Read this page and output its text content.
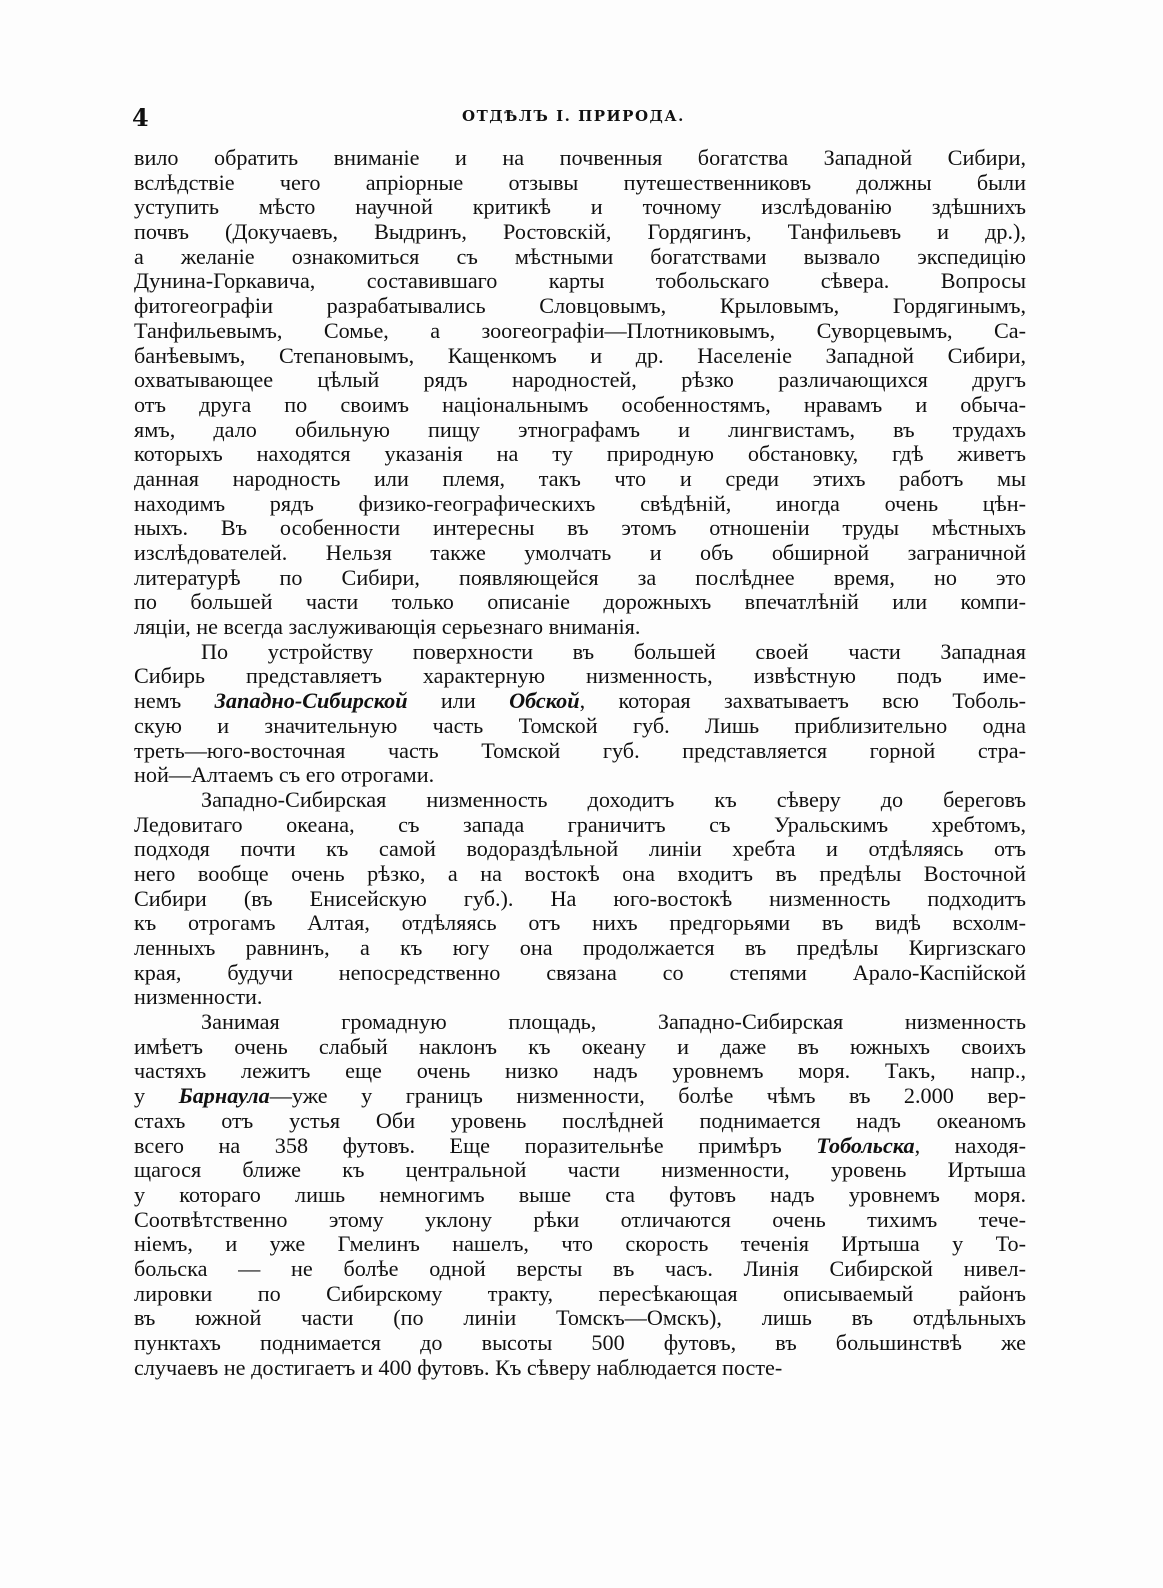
4	ОТДѢЛЪ I. ПРИРОДА.
вило обратить вниманіе и на почвенныя богатства Западной Сибири,
вслѣдствіе чего апріорные отзывы путешественниковъ должны были
уступить мѣсто научной критикѣ и точному изслѣдованію здѣшнихъ
почвъ (Докучаевъ, Выдринъ, Ростовскій, Гордягинъ, Танфильевъ и др.),
а желаніе ознакомиться съ мѣстными богатствами вызвало экспедицію
Дунина-Горкавича, составившаго карты тобольскаго сѣвера. Вопросы
фитогеографіи разрабатывались Словцовымъ, Крыловымъ, Гордягинымъ,
Танфильевымъ, Сомье, а зоогеографіи—Плотниковымъ, Суворцевымъ, Са-
банѣевымъ, Степановымъ, Кащенкомъ и др. Населеніе Западной Сибири,
охватывающее цѣлый рядъ народностей, рѣзко различающихся другъ
отъ друга по своимъ національнымъ особенностямъ, нравамъ и обыча-
ямъ, дало обильную пищу этнографамъ и лингвистамъ, въ трудахъ
которыхъ находятся указанія на ту природную обстановку, гдѣ живетъ
данная народность или племя, такъ что и среди этихъ работъ мы
находимъ рядъ физико-географическихъ свѣдѣній, иногда очень цѣн-
ныхъ. Въ особенности интересны въ этомъ отношеніи труды мѣстныхъ
изслѣдователей. Нельзя также умолчать и объ обширной заграничной
литературѣ по Сибири, появляющейся за послѣднее время, но это
по большей части только описаніе дорожныхъ впечатлѣній или компи-
ляціи, не всегда заслуживающія серьезнаго вниманія.
По устройству поверхности въ большей своей части Западная
Сибирь представляетъ характерную низменность, извѣстную подъ име-
немъ Западно-Сибирской или Обской, которая захватываетъ всю Тоболь-
скую и значительную часть Томской губ. Лишь приблизительно одна
треть—юго-восточная часть Томской губ. представляется горной стра-
ной—Алтаемъ съ его отрогами.
Западно-Сибирская низменность доходитъ къ сѣверу до береговъ
Ледовитаго океана, съ запада граничитъ съ Уральскимъ хребтомъ,
подходя почти къ самой водораздѣльной линіи хребта и отдѣляясь отъ
него вообще очень рѣзко, а на востокѣ она входитъ въ предѣлы Восточной
Сибири (въ Енисейскую губ.). На юго-востокѣ низменность подходитъ
къ отрогамъ Алтая, отдѣляясь отъ нихъ предгорьями въ видѣ всхолм-
ленныхъ равнинъ, а къ югу она продолжается въ предѣлы Киргизскаго
края, будучи непосредственно связана со степями Арало-Каспійской
низменности.
Занимая громадную площадь, Западно-Сибирская низменность
имѣетъ очень слабый наклонъ къ океану и даже въ южныхъ своихъ
частяхъ лежитъ еще очень низко надъ уровнемъ моря. Такъ, напр.,
у Барнаула—уже у границъ низменности, болѣе чѣмъ въ 2.000 вер-
стахъ отъ устья Оби уровень послѣдней поднимается надъ океаномъ
всего на 358 футовъ. Еще поразительнѣе примѣръ Тобольска, находя-
щагося ближе къ центральной части низменности, уровень Иртыша
у котораго лишь немногимъ выше ста футовъ надъ уровнемъ моря.
Соотвѣтственно этому уклону рѣки отличаются очень тихимъ тече-
ніемъ, и уже Гмелинъ нашелъ, что скорость теченія Иртыша у То-
больска — не болѣе одной версты въ часъ. Линія Сибирской нивел-
лировки по Сибирскому тракту, пересѣкающая описываемый районъ
въ южной части (по линіи Томскъ—Омскъ), лишь въ отдѣльныхъ
пунктахъ поднимается до высоты 500 футовъ, въ большинствѣ же
случаевъ не достигаетъ и 400 футовъ. Къ сѣверу наблюдается посте-
